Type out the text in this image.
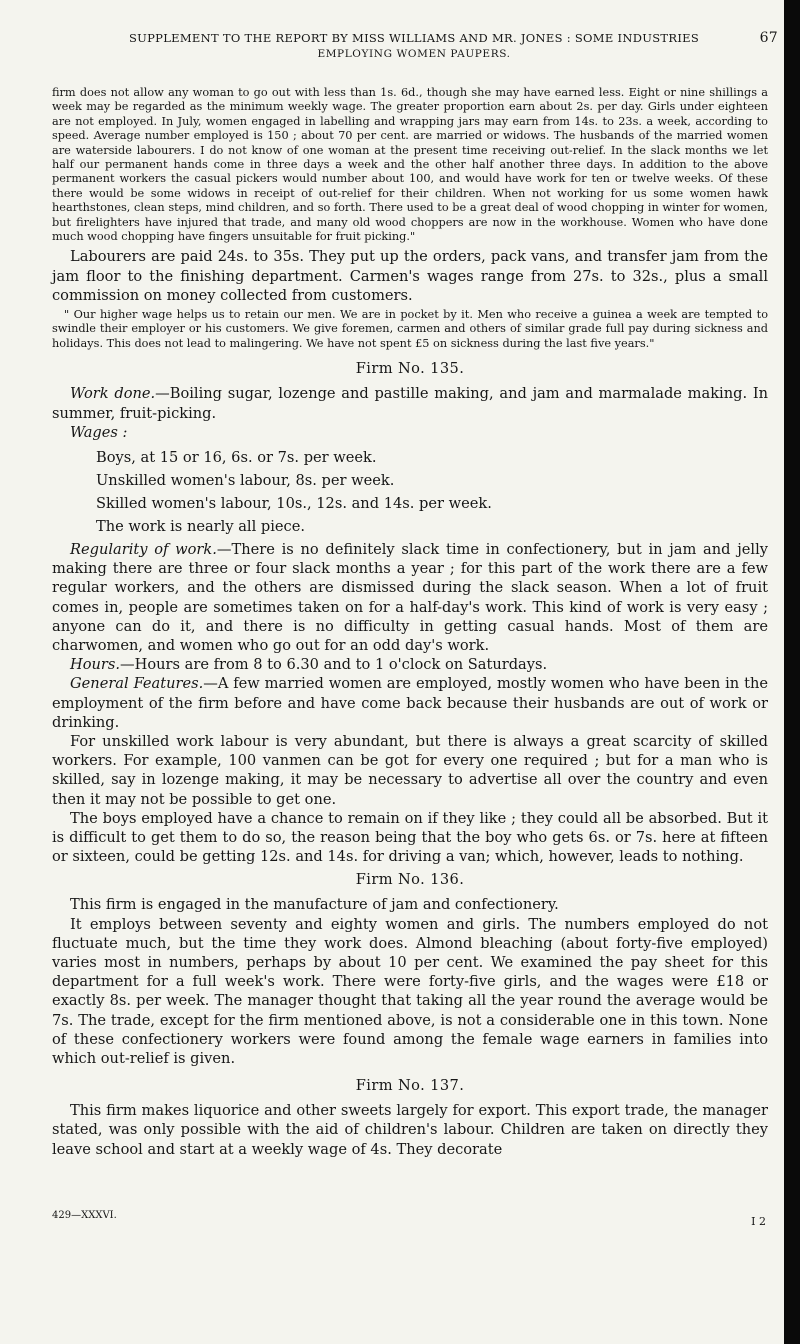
SUPPLEMENT TO THE REPORT BY MISS WILLIAMS AND MR. JONES : SOME INDUSTRIES	67
EMPLOYING WOMEN PAUPERS.

firm does not allow any woman to go out with less than 1s. 6d., though she may have earned less. Eight or nine shillings a week may be regarded as the minimum weekly wage. The greater proportion earn about 2s. per day. Girls under eighteen are not employed. In July, women engaged in labelling and wrapping jars may earn from 14s. to 23s. a week, according to speed. Average number employed is 150 ; about 70 per cent. are married or widows. The husbands of the married women are waterside labourers. I do not know of one woman at the present time receiving out-relief. In the slack months we let half our permanent hands come in three days a week and the other half another three days. In addition to the above permanent workers the casual pickers would number about 100, and would have work for ten or twelve weeks. Of these there would be some widows in receipt of out-relief for their children. When not working for us some women hawk hearthstones, clean steps, mind children, and so forth. There used to be a great deal of wood chopping in winter for women, but firelighters have injured that trade, and many old wood choppers are now in the workhouse. Women who have done much wood chopping have fingers unsuitable for fruit picking."

Labourers are paid 24s. to 35s. They put up the orders, pack vans, and transfer jam from the jam floor to the finishing department. Carmen's wages range from 27s. to 32s., plus a small commission on money collected from customers.

" Our higher wage helps us to retain our men. We are in pocket by it. Men who receive a guinea a week are tempted to swindle their employer or his customers. We give foremen, carmen and others of similar grade full pay during sickness and holidays. This does not lead to malingering. We have not spent £5 on sickness during the last five years."

Firm No. 135.

Work done.—Boiling sugar, lozenge and pastille making, and jam and marmalade making. In summer, fruit-picking.

Wages :

Boys, at 15 or 16, 6s. or 7s. per week.
Unskilled women's labour, 8s. per week.
Skilled women's labour, 10s., 12s. and 14s. per week.
The work is nearly all piece.

Regularity of work.—There is no definitely slack time in confectionery, but in jam and jelly making there are three or four slack months a year ; for this part of the work there are a few regular workers, and the others are dismissed during the slack season. When a lot of fruit comes in, people are sometimes taken on for a half-day's work. This kind of work is very easy ; anyone can do it, and there is no difficulty in getting casual hands. Most of them are charwomen, and women who go out for an odd day's work.

Hours.—Hours are from 8 to 6.30 and to 1 o'clock on Saturdays.

General Features.—A few married women are employed, mostly women who have been in the employment of the firm before and have come back because their husbands are out of work or drinking.

For unskilled work labour is very abundant, but there is always a great scarcity of skilled workers. For example, 100 vanmen can be got for every one required ; but for a man who is skilled, say in lozenge making, it may be necessary to advertise all over the country and even then it may not be possible to get one.

The boys employed have a chance to remain on if they like ; they could all be absorbed. But it is difficult to get them to do so, the reason being that the boy who gets 6s. or 7s. here at fifteen or sixteen, could be getting 12s. and 14s. for driving a van; which, however, leads to nothing.

Firm No. 136.

This firm is engaged in the manufacture of jam and confectionery.

It employs between seventy and eighty women and girls. The numbers employed do not fluctuate much, but the time they work does. Almond bleaching (about forty-five employed) varies most in numbers, perhaps by about 10 per cent. We examined the pay sheet for this department for a full week's work. There were forty-five girls, and the wages were £18 or exactly 8s. per week. The manager thought that taking all the year round the average would be 7s. The trade, except for the firm mentioned above, is not a considerable one in this town. None of these confectionery workers were found among the female wage earners in families into which out-relief is given.

Firm No. 137.

This firm makes liquorice and other sweets largely for export. This export trade, the manager stated, was only possible with the aid of children's labour. Children are taken on directly they leave school and start at a weekly wage of 4s. They decorate

429—XXXVI.	I 2
